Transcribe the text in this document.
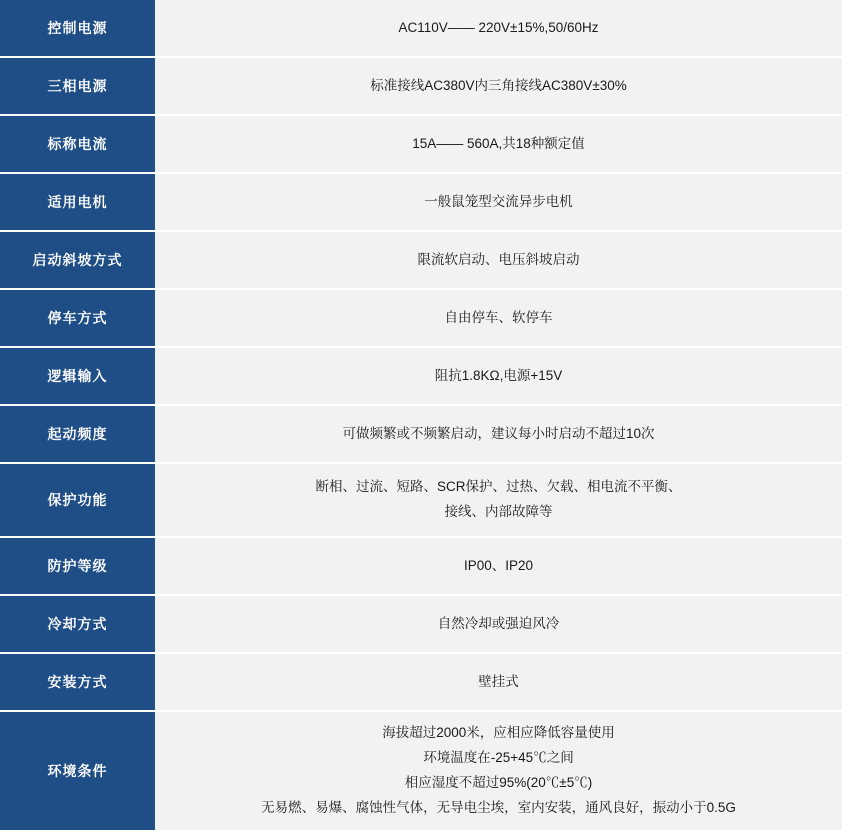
控制电源	AC110V—— 220V±15%,50/60Hz

三相电源	标准接线AC380V内三角接线AC380V±30%

标称电流	15A—— 560A,共18种额定值

适用电机	一般鼠笼型交流异步电机

启动斜坡方式	限流软启动、电压斜坡启动

停车方式	自由停车、软停车

逻辑输入	阻抗1.8KΩ,电源+15V

起动频度	可做频繁或不频繁启动，建议每小时启动不超过10次

保护功能	断相、过流、短路、SCR保护、过热、欠载、相电流不平衡、
接线、内部故障等

防护等级	IP00、IP20

冷却方式	自然冷却或强迫风冷

安装方式	壁挂式

环境条件	海拔超过2000米，应相应降低容量使用
环境温度在-25+45℃之间
相应湿度不超过95%(20℃±5℃)
无易燃、易爆、腐蚀性气体，无导电尘埃，室内安装，通风良好，振动小于0.5G
